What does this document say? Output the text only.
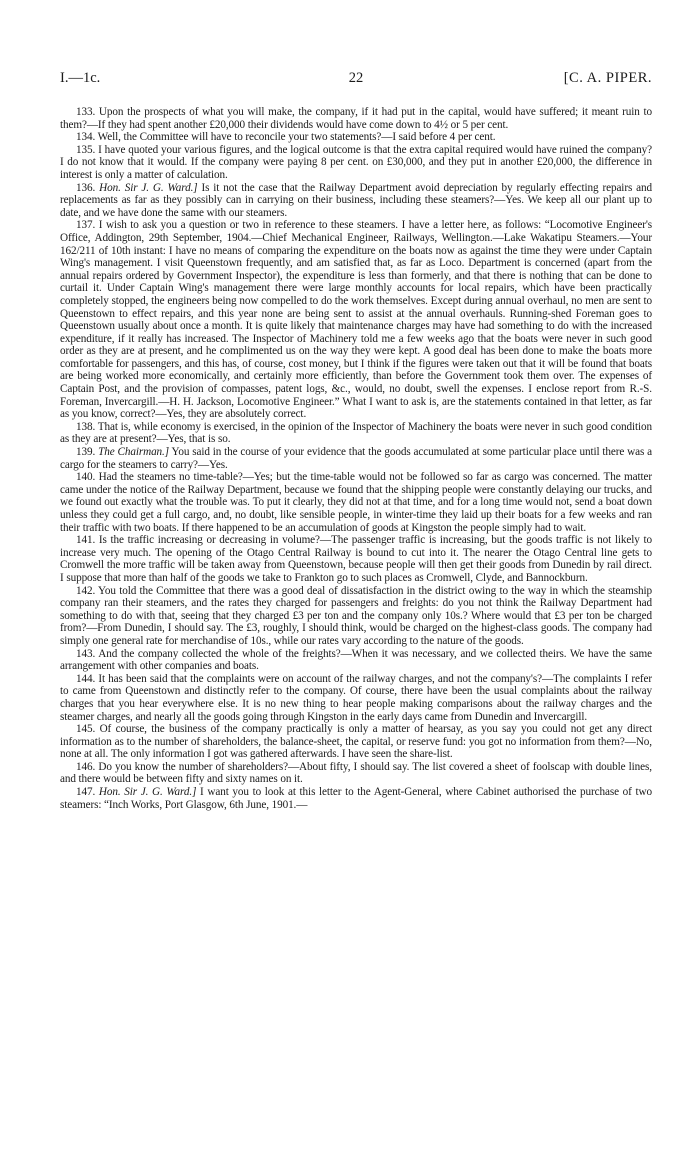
I.—1c.	22	[C. A. PIPER.

133. Upon the prospects of what you will make, the company, if it had put in the capital, would have suffered; it meant ruin to them?—If they had spent another £20,000 their dividends would have come down to 4½ or 5 per cent.

134. Well, the Committee will have to reconcile your two statements?—I said before 4 per cent.

135. I have quoted your various figures, and the logical outcome is that the extra capital required would have ruined the company? I do not know that it would. If the company were paying 8 per cent. on £30,000, and they put in another £20,000, the difference in interest is only a matter of calculation.

136. Hon. Sir J. G. Ward.] Is it not the case that the Railway Department avoid depreciation by regularly effecting repairs and replacements as far as they possibly can in carrying on their business, including these steamers?—Yes. We keep all our plant up to date, and we have done the same with our steamers.

137. I wish to ask you a question or two in reference to these steamers. I have a letter here, as follows: “Locomotive Engineer's Office, Addington, 29th September, 1904.—Chief Mechanical Engineer, Railways, Wellington.—Lake Wakatipu Steamers.—Your 162/211 of 10th instant: I have no means of comparing the expenditure on the boats now as against the time they were under Captain Wing's management. I visit Queenstown frequently, and am satisfied that, as far as Loco. Department is concerned (apart from the annual repairs ordered by Government Inspector), the expenditure is less than formerly, and that there is nothing that can be done to curtail it. Under Captain Wing's management there were large monthly accounts for local repairs, which have been practically completely stopped, the engineers being now compelled to do the work themselves. Except during annual overhaul, no men are sent to Queenstown to effect repairs, and this year none are being sent to assist at the annual overhauls. Running-shed Foreman goes to Queenstown usually about once a month. It is quite likely that maintenance charges may have had something to do with the increased expenditure, if it really has increased. The Inspector of Machinery told me a few weeks ago that the boats were never in such good order as they are at present, and he complimented us on the way they were kept. A good deal has been done to make the boats more comfortable for passengers, and this has, of course, cost money, but I think if the figures were taken out that it will be found that boats are being worked more economically, and certainly more efficiently, than before the Government took them over. The expenses of Captain Post, and the provision of compasses, patent logs, &c., would, no doubt, swell the expenses. I enclose report from R.-S. Foreman, Invercargill.—H. H. Jackson, Locomotive Engineer.” What I want to ask is, are the statements contained in that letter, as far as you know, correct?—Yes, they are absolutely correct.

138. That is, while economy is exercised, in the opinion of the Inspector of Machinery the boats were never in such good condition as they are at present?—Yes, that is so.

139. The Chairman.] You said in the course of your evidence that the goods accumulated at some particular place until there was a cargo for the steamers to carry?—Yes.

140. Had the steamers no time-table?—Yes; but the time-table would not be followed so far as cargo was concerned. The matter came under the notice of the Railway Department, because we found that the shipping people were constantly delaying our trucks, and we found out exactly what the trouble was. To put it clearly, they did not at that time, and for a long time would not, send a boat down unless they could get a full cargo, and, no doubt, like sensible people, in winter-time they laid up their boats for a few weeks and ran their traffic with two boats. If there happened to be an accumulation of goods at Kingston the people simply had to wait.

141. Is the traffic increasing or decreasing in volume?—The passenger traffic is increasing, but the goods traffic is not likely to increase very much. The opening of the Otago Central Railway is bound to cut into it. The nearer the Otago Central line gets to Cromwell the more traffic will be taken away from Queenstown, because people will then get their goods from Dunedin by rail direct. I suppose that more than half of the goods we take to Frankton go to such places as Cromwell, Clyde, and Bannockburn.

142. You told the Committee that there was a good deal of dissatisfaction in the district owing to the way in which the steamship company ran their steamers, and the rates they charged for passengers and freights: do you not think the Railway Department had something to do with that, seeing that they charged £3 per ton and the company only 10s.? Where would that £3 per ton be charged from?—From Dunedin, I should say. The £3, roughly, I should think, would be charged on the highest-class goods. The company had simply one general rate for merchandise of 10s., while our rates vary according to the nature of the goods.

143. And the company collected the whole of the freights?—When it was necessary, and we collected theirs. We have the same arrangement with other companies and boats.

144. It has been said that the complaints were on account of the railway charges, and not the company's?—The complaints I refer to came from Queenstown and distinctly refer to the company. Of course, there have been the usual complaints about the railway charges that you hear everywhere else. It is no new thing to hear people making comparisons about the railway charges and the steamer charges, and nearly all the goods going through Kingston in the early days came from Dunedin and Invercargill.

145. Of course, the business of the company practically is only a matter of hearsay, as you say you could not get any direct information as to the number of shareholders, the balance-sheet, the capital, or reserve fund: you got no information from them?—No, none at all. The only information I got was gathered afterwards. I have seen the share-list.

146. Do you know the number of shareholders?—About fifty, I should say. The list covered a sheet of foolscap with double lines, and there would be between fifty and sixty names on it.

147. Hon. Sir J. G. Ward.] I want you to look at this letter to the Agent-General, where Cabinet authorised the purchase of two steamers: “Inch Works, Port Glasgow, 6th June, 1901.—
